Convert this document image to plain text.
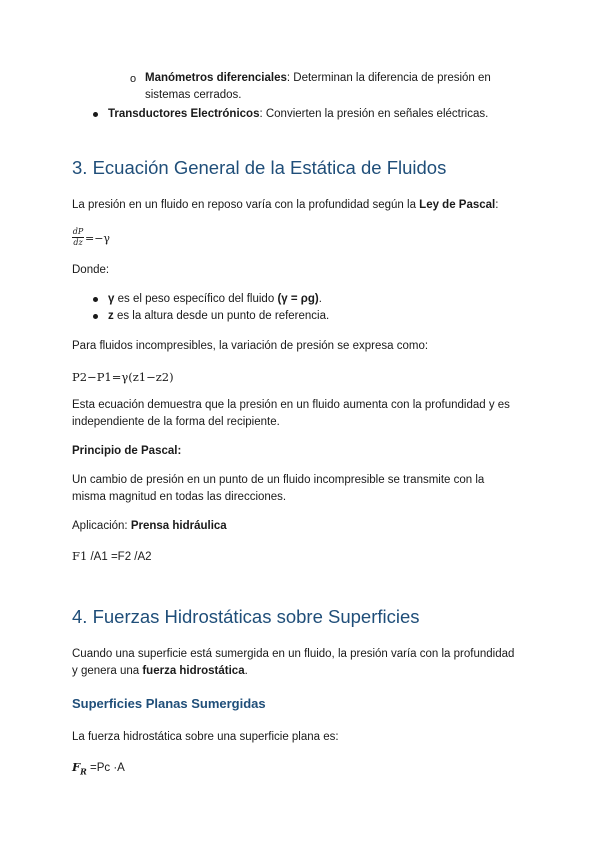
o Manómetros diferenciales: Determinan la diferencia de presión en
sistemas cerrados.
Transductores Electrónicos: Convierten la presión en señales eléctricas.
3. Ecuación General de la Estática de Fluidos
La presión en un fluido en reposo varía con la profundidad según la Ley de Pascal:
dP
dz =−γ
Donde:
γ es el peso específico del fluido (γ = ρg).
z es la altura desde un punto de referencia.
Para fluidos incompresibles, la variación de presión se expresa como:
P2−P1=γ(z1−z2)
Esta ecuación demuestra que la presión en un fluido aumenta con la profundidad y es
independiente de la forma del recipiente.
Principio de Pascal:
Un cambio de presión en un punto de un fluido incompresible se transmite con la
misma magnitud en todas las direcciones.
Aplicación: Prensa hidráulica
F1 /A1 =F2 /A2
4. Fuerzas Hidrostáticas sobre Superficies
Cuando una superficie está sumergida en un fluido, la presión varía con la profundidad
y genera una fuerza hidrostática.
Superficies Planas Sumergidas
La fuerza hidrostática sobre una superficie plana es:
$F_R =Pc \cdot A$
